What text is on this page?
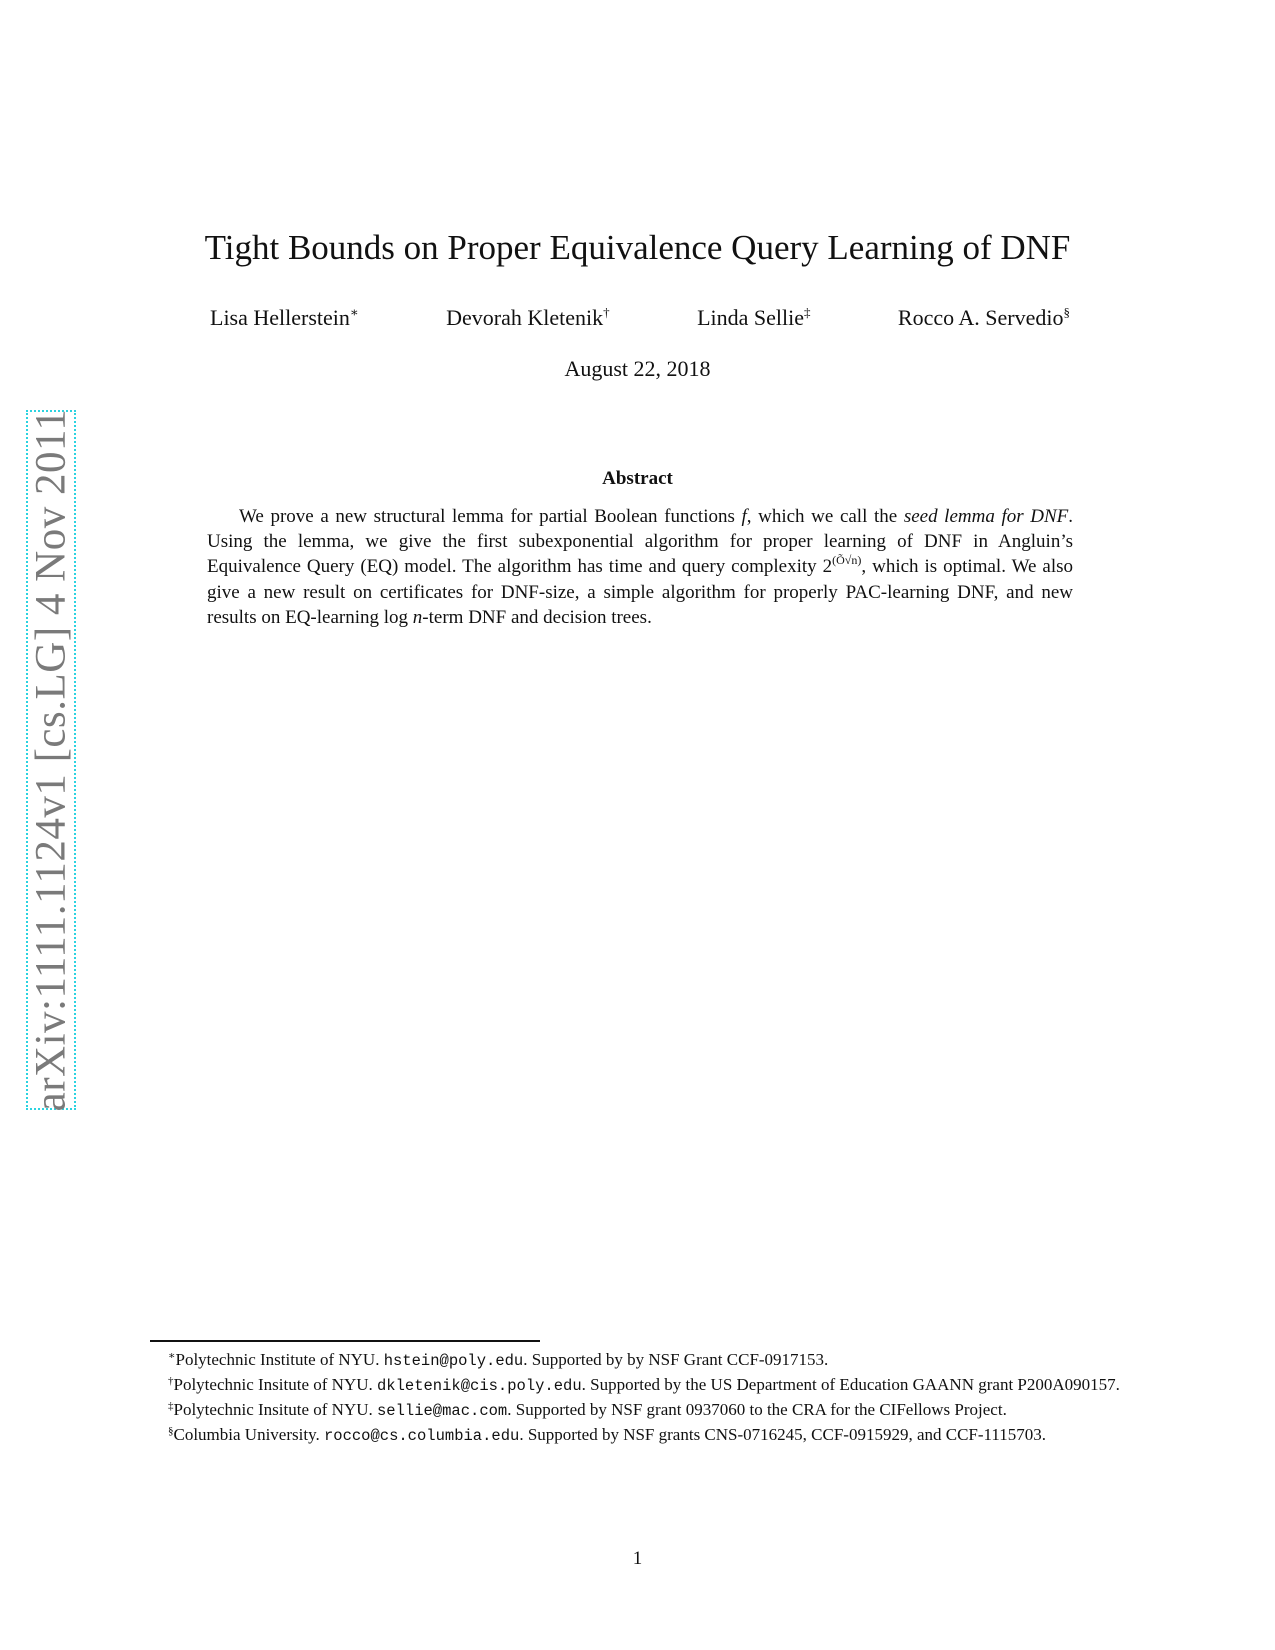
arXiv:1111.1124v1 [cs.LG] 4 Nov 2011
Tight Bounds on Proper Equivalence Query Learning of DNF
Lisa Hellerstein∗	Devorah Kletenik†	Linda Sellie‡	Rocco A. Servedio§
August 22, 2018
Abstract
We prove a new structural lemma for partial Boolean functions f, which we call the seed lemma for DNF. Using the lemma, we give the first subexponential algorithm for proper learning of DNF in Angluin’s Equivalence Query (EQ) model. The algorithm has time and query complexity $2^{(Õ√n)}$, which is optimal. We also give a new result on certificates for DNF-size, a simple algorithm for properly PAC-learning DNF, and new results on EQ-learning log n-term DNF and decision trees.

∗Polytechnic Institute of NYU. hstein@poly.edu. Supported by by NSF Grant CCF-0917153.

†Polytechnic Insitute of NYU. dkletenik@cis.poly.edu. Supported by the US Department of Education GAANN grant P200A090157.

‡Polytechnic Insitute of NYU. sellie@mac.com. Supported by NSF grant 0937060 to the CRA for the CIFellows Project.

§Columbia University. rocco@cs.columbia.edu. Supported by NSF grants CNS-0716245, CCF-0915929, and CCF-1115703.

1
